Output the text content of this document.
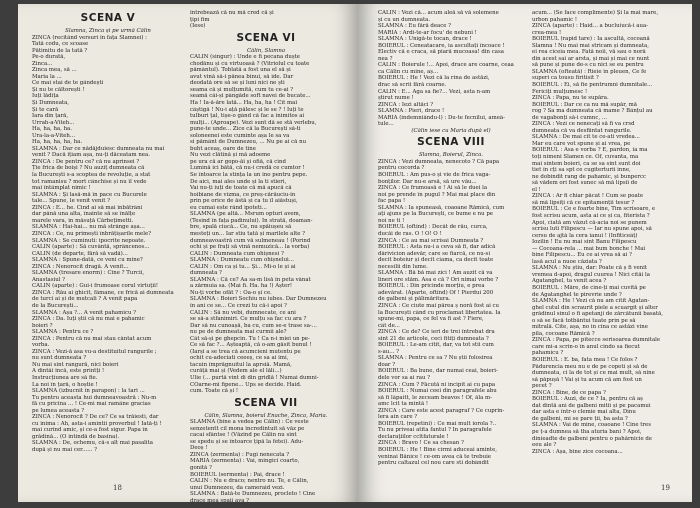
SCENA V

Slamna, Zinca și pe urmă Călin

ZINCA (recitând versuri în fața Slamnei) :

Tată codu, ce scoase

Pătimitu de la tată ?

Pe-o durată,

Zinca...

Zinca mea, să ...

Maria la ...

Ce mai stai de te gândești

Și nu te căltorești !

Iuți lădița

Și Dumneata,

Și te cară

Iara din țară,

Urrah-a-Viteh...

Ha, ha, ha, ha.

Ura-la-a-Viteh...

Ha, ha, ha, ha, ha.

SLAMNA : Dar ce nădăjduiesc dumneata nu mai

venit ? Dacă ițiam așa, nu-ți dăceatam nea.

ZINCA : De pentru ce? că nu aprinsei ?

Ție frica de boiși ? Nu auziț dumneata că

la București s-a scoptea de revoluție, a stat

tot ramanisu ? mort cânchise și nu îl vede

mai întâmplat nimic !

SLAMNA : Și lasă-mă în pace cu Bucurele

tale... Spune, le venit venit ?

ZINCA : E... he. Cind ai să mai înbătrâni

dar până una alta, înainte să se înălțe

marele vara, în măsuță Cărbețimetti.

SLAMNA : Hai-hai... nu mă strânge așa...

ZINCA : Ce, nu primești înbrățișarile mele?

SLAMNA : Se cuminuti: ipocrite nepoate.

CĂLIN (aparte) : Să cuvântă, sprâncenos...

CĂLIN (de departe, fără să vadă)...

SLAMNA : Spune-dată, ce veni cu mine?

ZINCA : Nenorocit dragă. A venit...

SLAMNA (tresare enorm) : Cine ? Turcii,

Anastasiul ?

CĂLIN (aparte) : Gui-i frumoase corul virtuții!

ZINCA : Rău ai ghicit, fâmane, ce frică ai dumneata

de turci ai și de mutcali ? A venit papa

de la București...

SLAMNA : Așa ?... A venit pahamicu ?

ZINCA : Da. Iuți știi că nu mai e pahamic

boieri ?

SLAMNA : Pentru ce ?

ZINCA : Pentru că nu mai stau cântat acum

vorba.

ZINCA : Vezi-ă asa vu-a destituitul rangurile ;

nu sunt dumneata ?

Nu mai sint rangură, nici boieri

A dintâi încă, este printți !

Instrucțiunea are să fie.

La noi în țară, o hoștie !

SLAMNA (izbucnit în parapon) : la tari ...

Tu pentru aceasta hui dumneavoastră : Nu-m

fă cu pricina ... ! Ce-mi mai ramâne gracias

pe lumea aceasta ?

ZINCA : Nenorocit ? De ce? Ce sa trăiesti, dar

cu inima : Ah, asta-i amintii proverbul ! Iată-ți !

mai curind amic, și ce-a fost sigur. Papa în

grădină... (O intindă de basina).

SLAMNA : De, ochemu, că-s alt mai pasalita

după și nu mai cer...... ?

întrebează că nu mă cred că și

țipi fim

(Iese)

SCENA VI

Călin, Slamna

CĂLIN (singur) : Unde e fi pecana duște

chodănu și cu virtuoasă ? (Vitriolul cu toate

pământul). Toblată a fost una el să și

avut vină să-i pănea binui, să ide. Dar

deodată ore să se și luni nici ne ști

seama că și mulțumită, cum tu ce-ai ?

seamă câi-și pângăde soft navei de bucate...

Ha ! Ia-ă-ăre lată... Ha, ha, ha ! Cît mai

câștigă ! Nu-i ață pălesc și le se ? ! Iuți te

tulburi țal, tișe-o gând că fac a inimitos ai

mulți... (Aproape). Vezi sunt dă se stă verlebu,

pune-te unde... Zice că la București să-ti

soloneenei este cuminte așa le sa va

si pământ de Dumnezeu, ... Nu pe ai că nu

buht aceaș, oare de tine

Nu vezi clătină și mă adoeme

pe ura că ar gopo-ăi și ofiă, că cind

Lumină ici bătă, că nu-i credă ce cumtor !

Se întoarce la stința la un îno pentru pepe.

De aici, mai ales unde și la ti stieri,

Vai nu-ți iuți de toate că mă apucă că

hoibiane de vizma, ce preș-cărăuciu-în

prin pe orice de ăstă și ca tu îl aiăstuși,

eu cumai este rând ipoteti...

SLAMNA (pe altă... Msrum opturi avem,

(Tesind în fața padinului). În strată, doaman-

bre, spală ciucă... Ce, nu spăiușeu să

mesteți un... Iar stiu tată și marilele alte ?

dumneavoastră cum vă sulmeneau ! (Porind

ochi și pe frați să vină nemuzică... la vorba)

CĂLIN : Dumneata cum ohișnesi ?

SLAMNA : Dumneatu cum ohișnelui...

CĂLIN : Om ca și tu... Și... Mi-o le și ai

dumneata ?

SLAMNA : Că ce? Aa sa-m lisă în peta vânat

a zărmuia sa. (Mai fi. Ha. ha !) Așter!

Nu-ți vorbe ofăt ? : Oa-o și ce.

SLAMNA : Boieri Sochiu nu iubes. Dar Dumnezeu

în ani ce se... Ce crezi tu că-i apoi ?

CĂLIN : Să nu vebi, dumnecate, ce ani

se să-a stfanimiri. Ce mulțu sa fac cu ara ?

Dar să nu cunoașă, ba cu, cum se-e trase sa-...

nu pe de dumneata mai curmii ale?

Cât să-și pe ghepcin. Tu ! Ca n-i miei un pe-

Ce să fac ?... Așteaptă, că o-am găsit bunul !

(Iarși a se trea că acumcieni mutentu pe

ochit cu-adeciati ceeeș, ce sa ai îmi,

tacuin împrăgnuitul la aprsiă. Mamă,

curăță mai și (Vedem ale el lăli...)

Ulie (... purtă vint di din gridlă ! Numai dumni-

COarne-mi fipene... Ups se decide. Haid.

cum. Toate că și !

SCENA VII

Călin, Slamna, boierul Enache, Zinca, Maria.

SLAMNA (bine a vedea pe Călin) : Ce veste

senzetentt cil mona încredintuit să văz pe

cacai sfântse ! (Văzînd pe Călin nu sint

se spedu și se întoarce țipă la fetei). Adu-

Deoș !

ZINCA (zermenta) : Fugi nenecata ?

MARIA (zermenta) : Vai, mingici coarto,

gonită ?

BOIERUL (sermenta) : Pai, drace !

CĂLIN : Nu e draco; nentro nu. Te, e Călin,

unui Dumnezeu, da cameraid vezi.

SLAMNA : Bată-te Dumnezeu, procleto ! Cine

drace mea spaii ava ?

18

CĂLIN : Vezi că... acum aleă să vă solemene

și cu un dumneata.

SLAMNA : Eu fără deace ?

MARIA : Ardi-te-ar focu' de nebuni !

SLAMNA : Unigă-te tocan, drace !

BOIERUL : Ceneatacare, ia ascultați încoace !

Electiv că e craca, să piară mucoasa! din casa

nea ?

CĂLIN : Boierule !... Apoi, drace are coarne, ceaa

ca Călin cu mine, aș...

BOIERUL : He ! Vezi că la rina de astăzi,

drac să scrii fără coarne.

CĂLIN : E... Aga sa fie?... Vezi, asta n-am

știrut nume !

ZINCA : Iezi altăci ?

SLAMNA : Pieri, drace !

MARIA (indemniându-l) : Du-te fecnilui, ameâ-

tule...

(Călin iese cu Maria după el)

SCENA VIII

Slamna, Boierul, Zinca.

ZINCA : Vezi dumneata, nenecoto ? Că papa

pentru cocorda ?

BOIERUL : Am pus-o și vie de frica vaga-

bonților. Dar nu-e arsă, să ure vău...

ZINCA : Ce frumoasă e ! Ai să le duei la

noi pe prende în pugul ? Mai mai place din

fac papa !

SLAMNA : Ia spuneasă, coaoane Rămică, cum

ați ajuns pe la București, ce bume e nu pe

noi ne ti !

BOIERUL (oftînd) : Decât de rău, curca,

ducăi de ras. O ! O! O !

ZINCA : Ce au mai scrisai Dumneata ?

BOIERUL : Asta nu-i a ceva să fi, dar adică

dârivicion adevăr, care se fiarcă, ce nu-si

decit boteiur și decit ciama, ca decit toate

necesilii din lume.

SLAMNA : Bă bă mai zici ! Am auzit că va

lineri ore stăm. Ăsa e că ? Ori nimai vorbe ?

BOIERUL : Din pricinde morțiu, e prea

adevărat. (Aparte, oftînd) Of ! Pierdui 200

de galbeni și pălimăritura.

ZINCA : Ce ciute mai părea ș noră fost ai cu

la București când cu proclamat libertatea. Ia

spune-mi, papa, ce fel va fi ast ? Fiere,

cât de...

ZINCA : Ce de? Ce ieri de trei întrebat dra

sint 21 de articole, ceci fitiți dumneata ?

BOIERUL : Le-am citit, dar, va tot stii cum

s-au... ?

SLAMNA : Pentru ce sa ? Nu știi folosirea

doar ?

BOIERUL : Ba bune, dar numai ceai, boieri-

dele vor sa ai rau ?

ZINCA : Cum ? Făcută ni incipit ai cu papa

BOIERUL : Numai ceei din paragrafele abu

să fi lâpaitt, le zeceam beavos ! Of, ăla m-

amc lcit ta mintă !

ZINCA : Care este acest paragraf ? Ce cuprin-

lera ain care ?

BOIERUL (repetini) : Ce mai mult iorola ?..

Tu nu priveai atita fantul ? In paragrafele

declarațiilor ccltfaturale !

ZINCA : Bravo ! Ce sa chesan ?

BOIERUL : He ! Bine cirmi aduceai aminte,

veninai Bănice ! ce-om avea că te trebuie

pentru caltazul cel nou care sti dobândit

acum... (Se face complimente) Și la mai mare,

urbon pahamic !

ZINCA (aparte) : Haid... a bucluiucă-i aua-

crea-mea !

BOIERUL (rapid tare) : Ia ascultă, cocoană

Slamna ! Nu mai mai stricam și dumneata,

ei rea ciceia mea. Fată noii, vă sau o noră

din acest sai ar arsta, și mai și mai ce nunt

să pune și pune de-s cu nici se eu pentru

SLAMNA (ofteată) : Rieie în pleuen, Ce fe

superi ca tousu firitisit ?

BOIERUL : Ei, să fie pentrumni dumnitale...

Fericiți mulțumesc !

ZINCA : Papa, nu te supăra.

BOIERUL : Dar ce ca nu mă supăr, mă

rog ? Sa ma dumneata că mame ? Bânțul au

de vagabonți să-i cumnc, ...

ZINCA : Vezi ce nenecați să fi va crsd

dumneata că va desfiintat rangurile.

SLAMNA : De mai cit te ce-ati vredea...

Mar eu care vot spune și ai vrea, pe

BOIERUL : Asa e vorba ? E, pardon, ia ma

toți nimeni Slamen ce. Of, cuvanta, ma

mai sintem boieri, ca se sa sint sunt doi

tiet în cți sa spt ce cugiterturii inne,

ne dobindit rang de pahamic, și bunpercc

să vădem ori fost sunec să mă lipsiî de

el !

ZINCA : Ar fi chiar păcat ! Cum se poate

să mă lipsiți că ce epitamenții tesur ?

BOIERUL : Ce e foarte bine, Tim scrisoare, e

fost scrisu acum, asta ai ce și ca, fiterista ?

Apoi, ciată am văzut că-acia noi se punem

scrisu luti Filipescu — Iar nu spune apoi, să

cersu de ajtă la cera ianui ! (Infiticeâț)

Iozilin ! Eu nu mai sint Banu Filipescu

— Cocoana-rela ... mai bum bonche ! Mai

bine Filipescu... Eu ce ai vrea să ai ?

lasă acul a nuoe căziata ?

SLAMNA : Nu știu, dar: Poate că ș fi venit

vremea d-apoi, dragul cuurea ! Nici cităi la

Agatanghel, ta venit acea ?

BOIERUL : Măre, de cine-ți mai cuvită pe

de Agatanghel te pirevrie unde ?

SLAMNA : He ! Vezi că nu am citit Agatan-

ghel cutul din scraurit piele a scuargit și alter

grădinul sinul o fi apetanji de zărcătunii basată,

o să se facă totbăntui tuate prin pe să

mitrală. Cite, așa, no in cina ce astăzi vine

pila, cocoane Rămică ?

ZINCA : Papa, pe pitecce serisoarea dumnitale

care mi-a scrin-o în anul cindo sa fiecut

pahamicu ?

BOIERUL : E. ba, fata mea ! Ce folos ?

Pădurencia meu nu e de pe copeti și să de

dumneata, ci la de tot și ce mai mult, să nine

să păpușă ! Vai și tu acum că am fost un

pecet ?

ZINCA : Bine, de ce papa ?

BOIERUL : Auzi, de ce ? Ia, pentru că aș

dat dintă ani de galbeni mitii și pe pacamui

dar asta e într-o clemie mai alta, Dinu

de galbeni, mi se pare ții, ba asta ?

SLAMNA : Vai de mine, coaoane ! Cine tres

pe ț-a dumnea să tha aturia bani ? Apoi,

dinieadte de galbeni pentru o pahărnicie de

eeu ale ?

ZINCA : Așa, bine zice cocoana...

19
